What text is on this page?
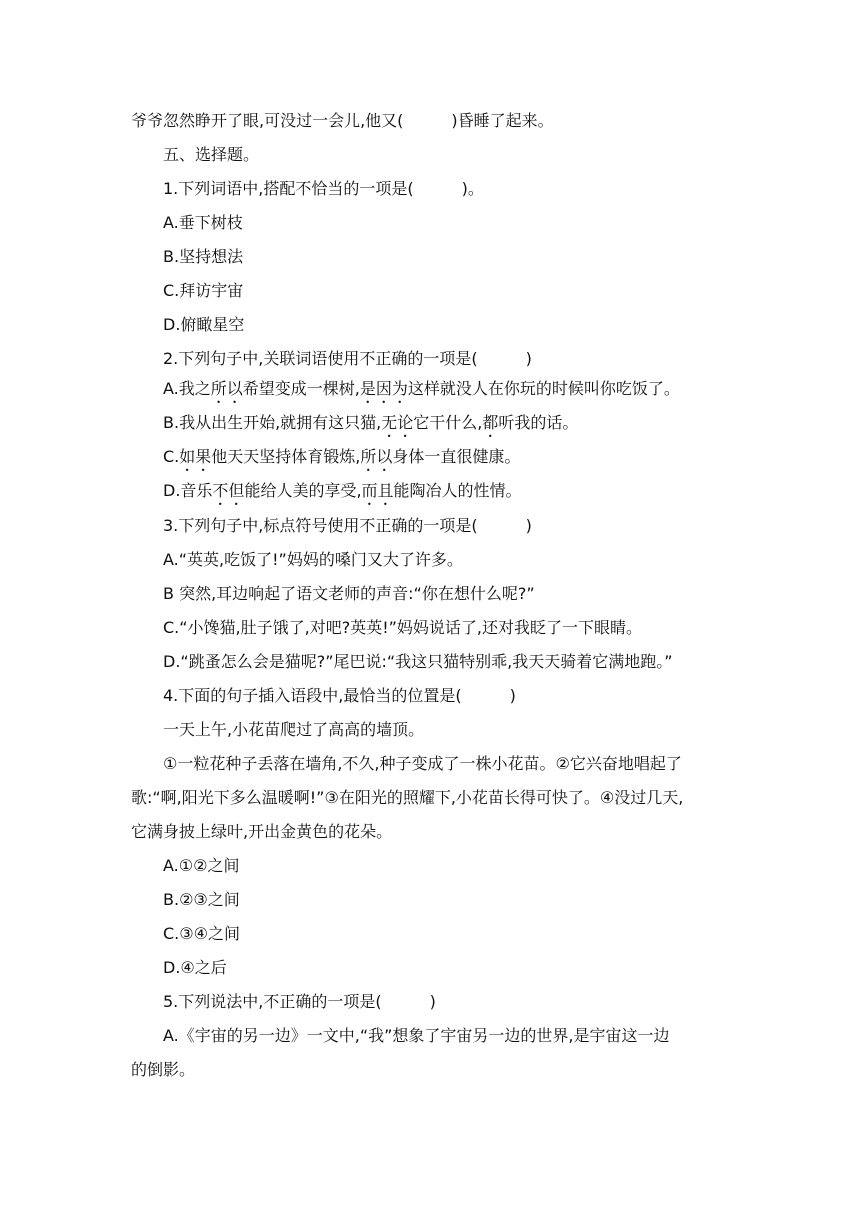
爷爷忽然睁开了眼,可没过一会儿,他又(　　　)昏睡了起来。
五、选择题。
1.下列词语中,搭配不恰当的一项是(　　　)。
A.垂下树枝
B.坚持想法
C.拜访宇宙
D.俯瞰星空
2.下列句子中,关联词语使用不正确的一项是(　　　)
A.我之所以希望变成一棵树,是因为这样就没人在你玩的时候叫你吃饭了。
B.我从出生开始,就拥有这只猫,无论它干什么,都听我的话。
C.如果他天天坚持体育锻炼,所以身体一直很健康。
D.音乐不但能给人美的享受,而且能陶冶人的性情。
3.下列句子中,标点符号使用不正确的一项是(　　　)
A.“英英,吃饭了!”妈妈的嗓门又大了许多。
B 突然,耳边响起了语文老师的声音:“你在想什么呢?”
C.“小馋猫,肚子饿了,对吧?英英!”妈妈说话了,还对我眨了一下眼睛。
D.“跳蚤怎么会是猫呢?”尾巴说:“我这只猫特别乖,我天天骑着它满地跑。”
4.下面的句子插入语段中,最恰当的位置是(　　　)
一天上午,小花苗爬过了高高的墙顶。
①一粒花种子丢落在墙角,不久,种子变成了一株小花苗。②它兴奋地唱起了
歌:“啊,阳光下多么温暖啊!”③在阳光的照耀下,小花苗长得可快了。④没过几天,
它满身披上绿叶,开出金黄色的花朵。
A.①②之间
B.②③之间
C.③④之间
D.④之后
5.下列说法中,不正确的一项是(　　　)
A.《宇宙的另一边》一文中,“我”想象了宇宙另一边的世界,是宇宙这一边
的倒影。
